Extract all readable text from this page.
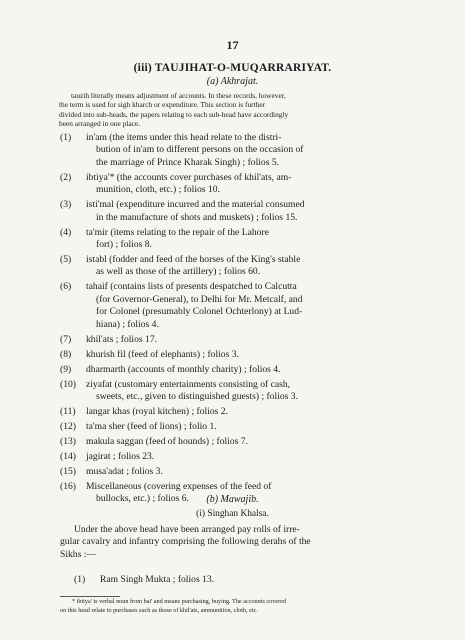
17
(iii) TAUJIHAT-O-MUQARRARIYAT.
(a) Akhrajat.
tauzih literally means adjustment of accounts. In these records, however,
the term is used for sigh kharch or expenditure. This section is further
divided into sub-heads, the papers relating to each sub-head have accordingly
been arranged in one place.
(1) in'am (the items under this head relate to the distri-
bution of in'am to different persons on the occasion of
the marriage of Prince Kharak Singh) ; folios 5.
(2) ibtiya'* (the accounts cover purchases of khil'ats, am-
munition, cloth, etc.) ; folios 10.
(3) isti'mal (expenditure incurred and the material consumed
in the manufacture of shots and muskets) ; folios 15.
(4) ta'mir (items relating to the repair of the Lahore
fort) ; folios 8.
(5) istabl (fodder and feed of the horses of the King's stable
as well as those of the artillery) ; folios 60.
(6) tahaif (contains lists of presents despatched to Calcutta
(for Governor-General), to Delhi for Mr. Metcalf, and
for Colonel (presumably Colonel Ochterlony) at Lud-
hiana) ; folios 4.
(7) khil'ats ; folios 17.
(8) khurish fil (feed of elephants) ; folios 3.
(9) dharmarth (accounts of monthly charity) ; folios 4.
(10) ziyafat (customary entertainments consisting of cash,
sweets, etc., given to distinguished guests) ; folios 3.
(11) langar khas (royal kitchen) ; folios 2.
(12) ta'ma sher (feed of lions) ; folio 1.
(13) makula saggan (feed of hounds) ; folios 7.
(14) jagirat ; folios 23.
(15) musa'adat ; folios 3.
(16) Miscellaneous (covering expenses of the feed of
bullocks, etc.) ; folios 6.	(b) Mawajib.
(i) Singhan Khalsa.
Under the above head have been arranged pay rolls of irre-
gular cavalry and infantry comprising the following derahs of the
Sikhs :—
(1) Ram Singh Mukta ; folios 13.
* ibtiya' is verbal noun from bai' and means purchasing, buying. The accounts covered
on this head relate to purchases such as those of khil'ats, ammunition, cloth, etc.
